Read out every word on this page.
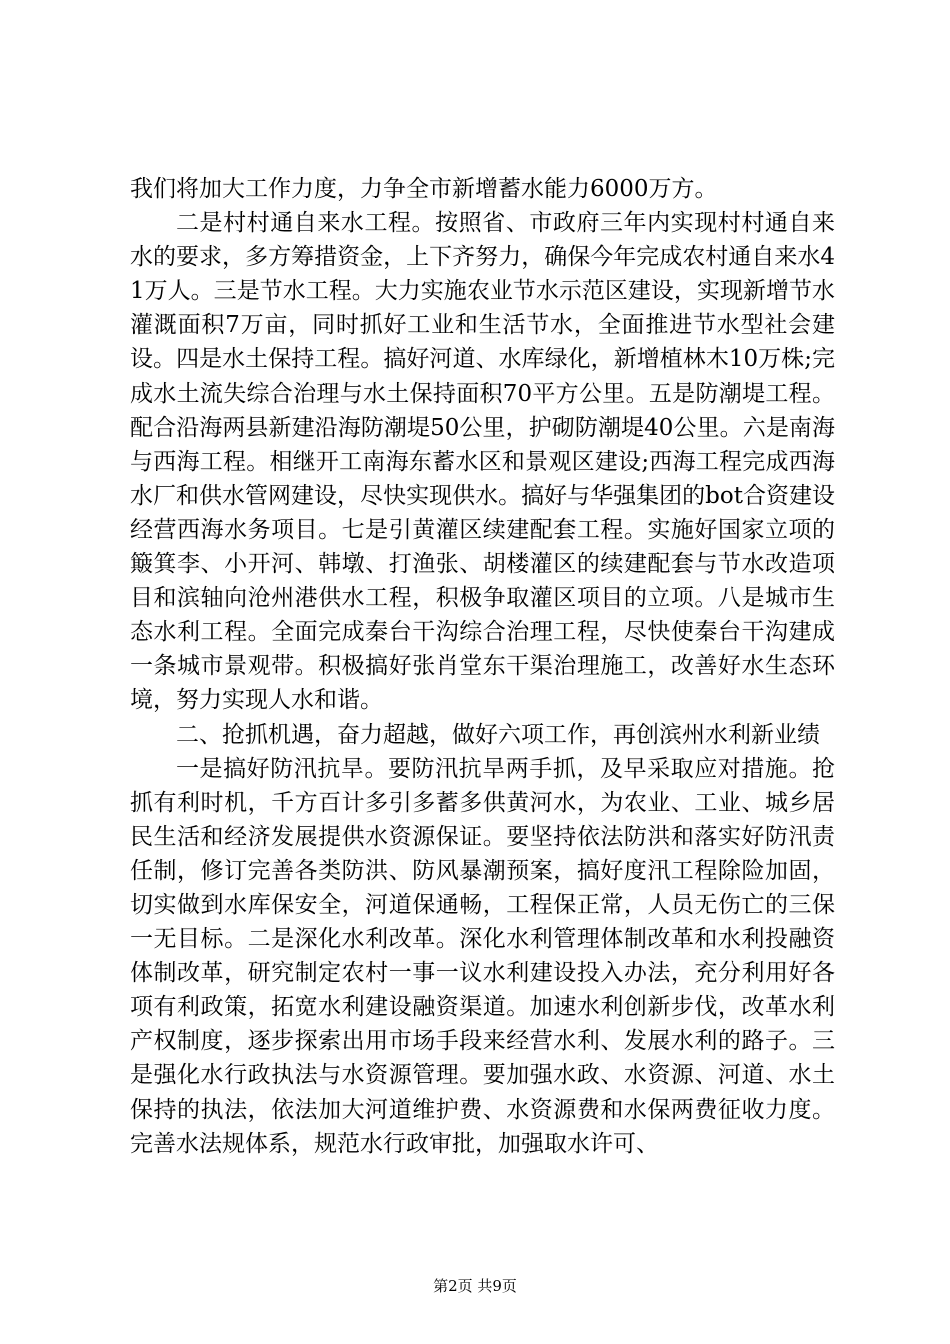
我们将加大工作力度，力争全市新增蓄水能力6000万方。

二是村村通自来水工程。按照省、市政府三年内实现村村通自来水的要求，多方筹措资金，上下齐努力，确保今年完成农村通自来水41万人。三是节水工程。大力实施农业节水示范区建设，实现新增节水灌溉面积7万亩，同时抓好工业和生活节水，全面推进节水型社会建设。四是水土保持工程。搞好河道、水库绿化，新增植林木10万株;完成水土流失综合治理与水土保持面积70平方公里。五是防潮堤工程。配合沿海两县新建沿海防潮堤50公里，护砌防潮堤40公里。六是南海与西海工程。相继开工南海东蓄水区和景观区建设;西海工程完成西海水厂和供水管网建设，尽快实现供水。搞好与华强集团的bot合资建设经营西海水务项目。七是引黄灌区续建配套工程。实施好国家立项的簸箕李、小开河、韩墩、打渔张、胡楼灌区的续建配套与节水改造项目和滨轴向沧州港供水工程，积极争取灌区项目的立项。八是城市生态水利工程。全面完成秦台干沟综合治理工程，尽快使秦台干沟建成一条城市景观带。积极搞好张肖堂东干渠治理施工，改善好水生态环境，努力实现人水和谐。

二、抢抓机遇，奋力超越，做好六项工作，再创滨州水利新业绩

一是搞好防汛抗旱。要防汛抗旱两手抓，及早采取应对措施。抢抓有利时机，千方百计多引多蓄多供黄河水，为农业、工业、城乡居民生活和经济发展提供水资源保证。要坚持依法防洪和落实好防汛责任制，修订完善各类防洪、防风暴潮预案，搞好度汛工程除险加固，切实做到水库保安全，河道保通畅，工程保正常，人员无伤亡的三保一无目标。二是深化水利改革。深化水利管理体制改革和水利投融资体制改革，研究制定农村一事一议水利建设投入办法，充分利用好各项有利政策，拓宽水利建设融资渠道。加速水利创新步伐，改革水利产权制度，逐步探索出用市场手段来经营水利、发展水利的路子。三是强化水行政执法与水资源管理。要加强水政、水资源、河道、水土保持的执法，依法加大河道维护费、水资源费和水保两费征收力度。完善水法规体系，规范水行政审批，加强取水许可、

第2页 共9页
